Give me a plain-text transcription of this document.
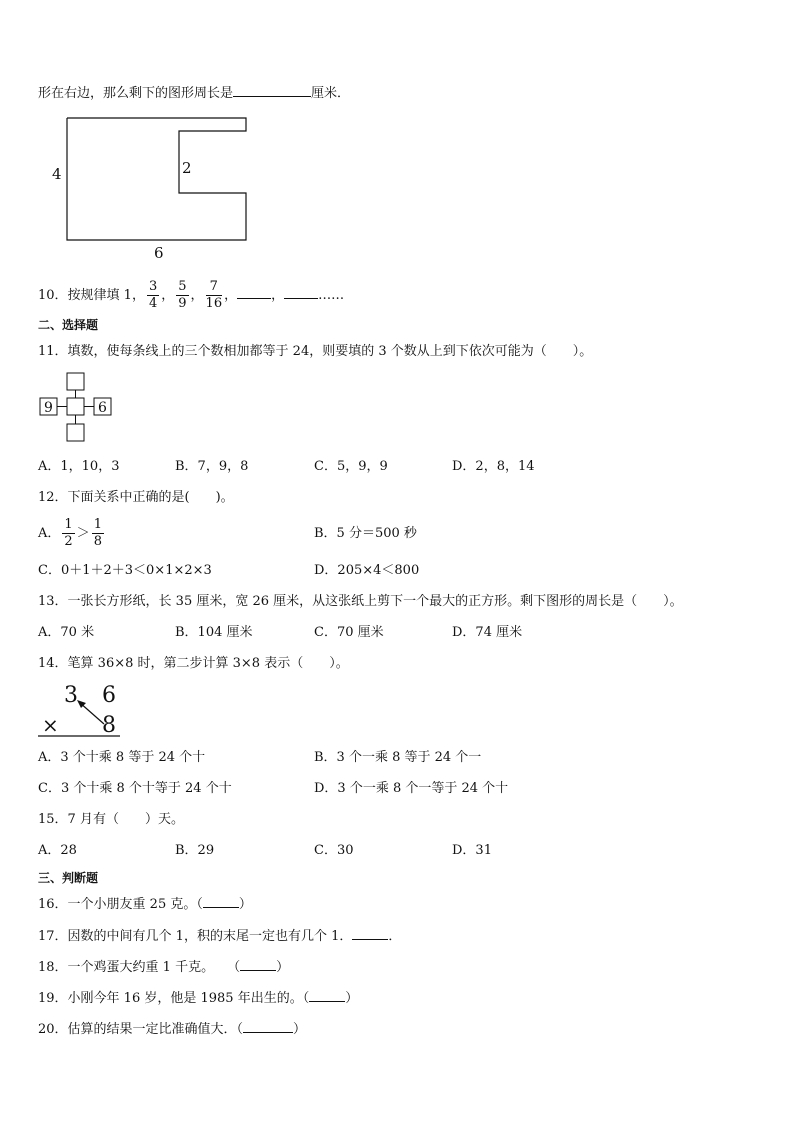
形在右边，那么剩下的图形周长是	厘米．
4	2
6
10．按规律填 1， $\frac{3}{4}$ ， $\frac{5}{9}$ ， $\frac{7}{16}$ ，	，	……
二、选择题
11．填数，使每条线上的三个数相加都等于 24，则要填的 3 个数从上到下依次可能为（　　）。
9	6
A．1，10，3	B．7，9，8	C．5，9，9	D．2，8，14
12．下面关系中正确的是(　　)。
A． $\frac{1}{2} > \frac{1}{8}$	B．5 分＝500 秒
C．0＋1＋2＋3＜0×1×2×3	D．205×4＜800
13．一张长方形纸，长 35 厘米，宽 26 厘米，从这张纸上剪下一个最大的正方形。剩下图形的周长是（　　）。
A．70 米	B．104 厘米	C．70 厘米	D．74 厘米
14．笔算 36×8 时，第二步计算 3×8 表示（　　）。
3 6
× 8
A．3 个十乘 8 等于 24 个十	B．3 个一乘 8 等于 24 个一
C．3 个十乘 8 个十等于 24 个十	D．3 个一乘 8 个一等于 24 个十
15．7 月有（　　）天。
A．28	B．29	C．30	D．31
三、判断题
16．一个小朋友重 25 克。（	）
17．因数的中间有几个 1，积的末尾一定也有几个 1．	．
18．一个鸡蛋大约重 1 千克。　　（	）
19．小刚今年 16 岁，他是 1985 年出生的。（	）
20．估算的结果一定比准确值大．（	）
